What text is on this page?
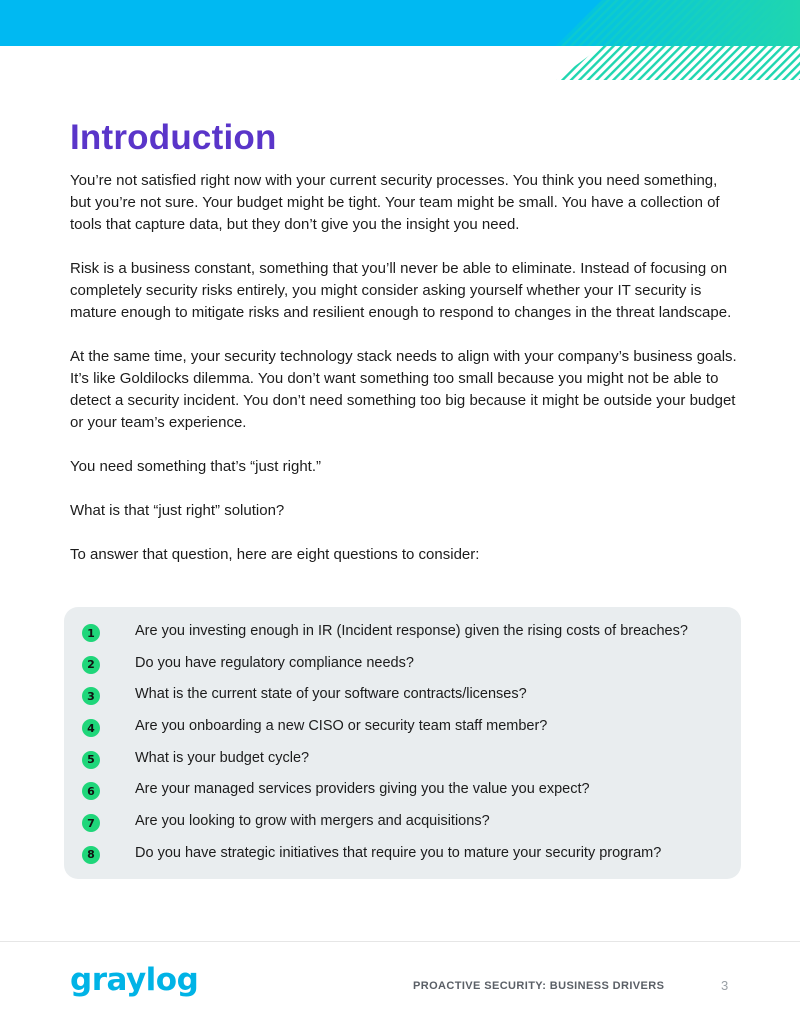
Introduction

You’re not satisfied right now with your current security processes. You think you need something, but you’re not sure. Your budget might be tight. Your team might be small. You have a collection of tools that capture data, but they don’t give you the insight you need.

Risk is a business constant, something that you’ll never be able to eliminate. Instead of focusing on completely security risks entirely, you might consider asking yourself whether your IT security is mature enough to mitigate risks and resilient enough to respond to changes in the threat landscape.

At the same time, your security technology stack needs to align with your company’s business goals. It’s like Goldilocks dilemma. You don’t want something too small because you might not be able to detect a security incident. You don’t need something too big because it might be outside your budget or your team’s experience.

You need something that’s “just right.”

What is that “just right” solution?

To answer that question, here are eight questions to consider:

1	Are you investing enough in IR (Incident response) given the rising costs of breaches?
2	Do you have regulatory compliance needs?
3	What is the current state of your software contracts/licenses?
4	Are you onboarding a new CISO or security team staff member?
5	What is your budget cycle?
6	Are your managed services providers giving you the value you expect?
7	Are you looking to grow with mergers and acquisitions?
8	Do you have strategic initiatives that require you to mature your security program?
graylog	PROACTIVE SECURITY: BUSINESS DRIVERS	3
